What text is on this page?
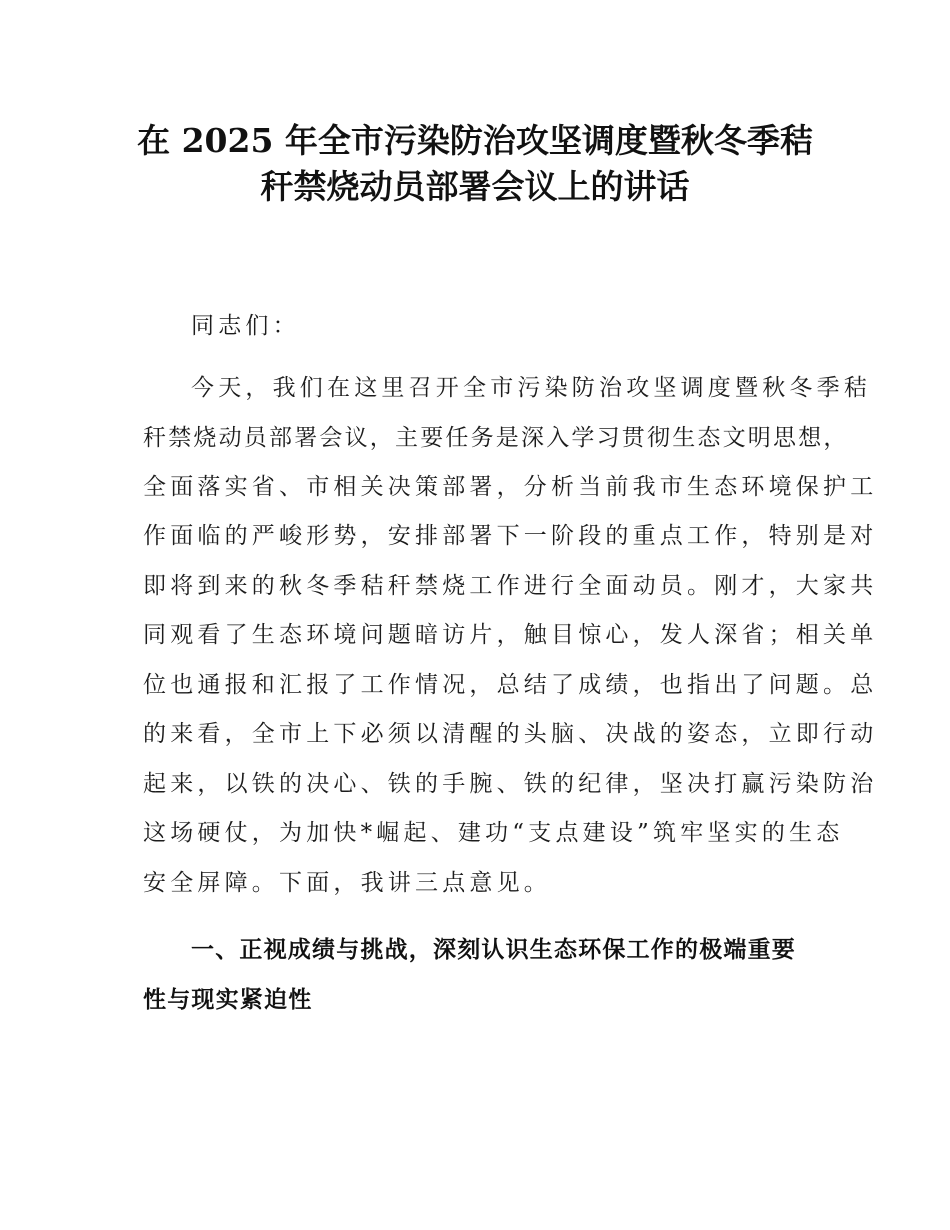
在 2025 年全市污染防治攻坚调度暨秋冬季秸
秆禁烧动员部署会议上的讲话
同志们：
今天，我们在这里召开全市污染防治攻坚调度暨秋冬季秸
秆禁烧动员部署会议，主要任务是深入学习贯彻生态文明思想，
全面落实省、市相关决策部署，分析当前我市生态环境保护工
作面临的严峻形势，安排部署下一阶段的重点工作，特别是对
即将到来的秋冬季秸秆禁烧工作进行全面动员。刚才，大家共
同观看了生态环境问题暗访片，触目惊心，发人深省；相关单
位也通报和汇报了工作情况，总结了成绩，也指出了问题。总
的来看，全市上下必须以清醒的头脑、决战的姿态，立即行动
起来，以铁的决心、铁的手腕、铁的纪律，坚决打赢污染防治
这场硬仗，为加快*崛起、建功“支点建设”筑牢坚实的生态
安全屏障。下面，我讲三点意见。
一、正视成绩与挑战，深刻认识生态环保工作的极端重要
性与现实紧迫性
